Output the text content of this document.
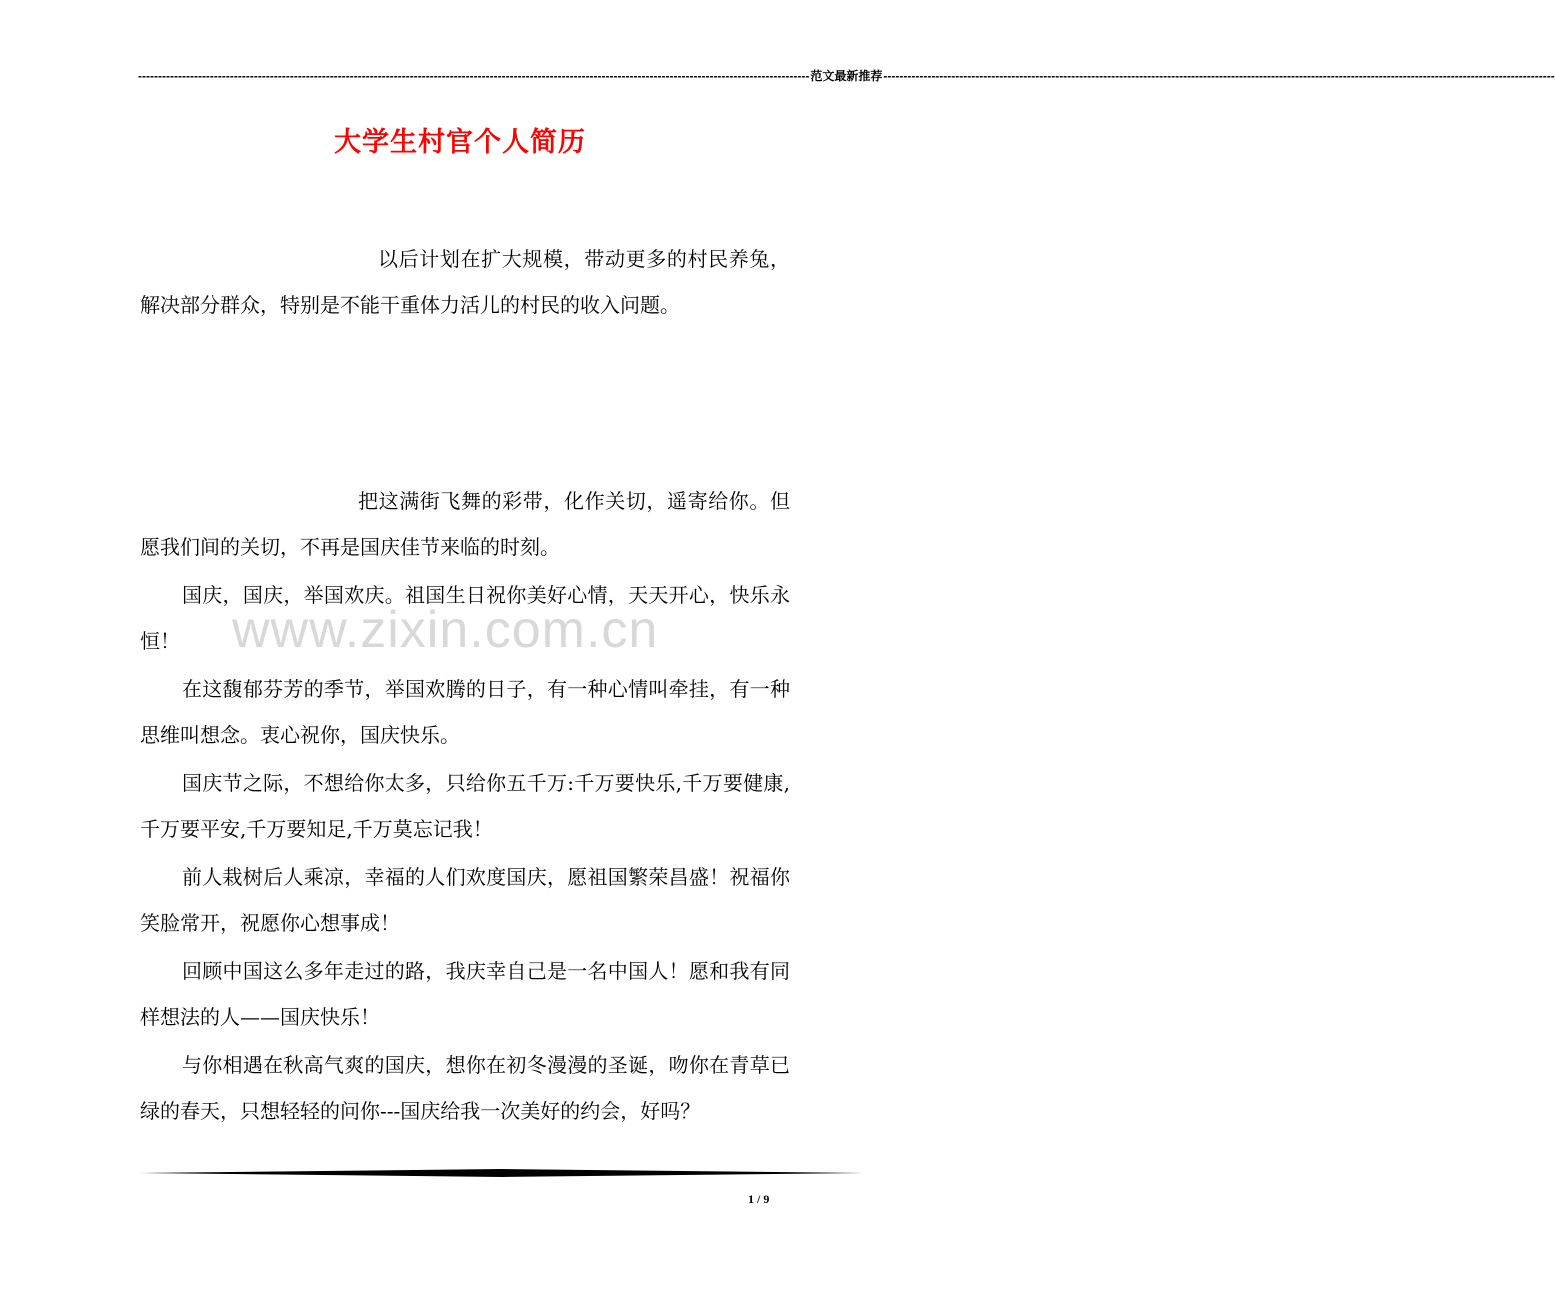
------------------------------------------------------------------------------------------------------------------------------------------------------------------------ 范文最新推荐 ------------------------------------------------------------------------------------------------------------------------------------------------------------------------
大学生村官个人简历
www.zixin.com.cn
以后计划在扩大规模，带动更多的村民养兔，解决部分群众，特别是不能干重体力活儿的村民的收入问题。
把这满街飞舞的彩带，化作关切，遥寄给你。但愿我们间的关切，不再是国庆佳节来临的时刻。
国庆，国庆，举国欢庆。祖国生日祝你美好心情，天天开心，快乐永恒！
在这馥郁芬芳的季节，举国欢腾的日子，有一种心情叫牵挂，有一种思维叫想念。衷心祝你，国庆快乐。
国庆节之际，不想给你太多，只给你五千万:千万要快乐,千万要健康,千万要平安,千万要知足,千万莫忘记我！
前人栽树后人乘凉，幸福的人们欢度国庆，愿祖国繁荣昌盛！祝福你笑脸常开，祝愿你心想事成！
回顾中国这么多年走过的路，我庆幸自己是一名中国人！愿和我有同样想法的人——国庆快乐！
与你相遇在秋高气爽的国庆，想你在初冬漫漫的圣诞，吻你在青草已绿的春天，只想轻轻的问你---国庆给我一次美好的约会，好吗？
1 / 9
